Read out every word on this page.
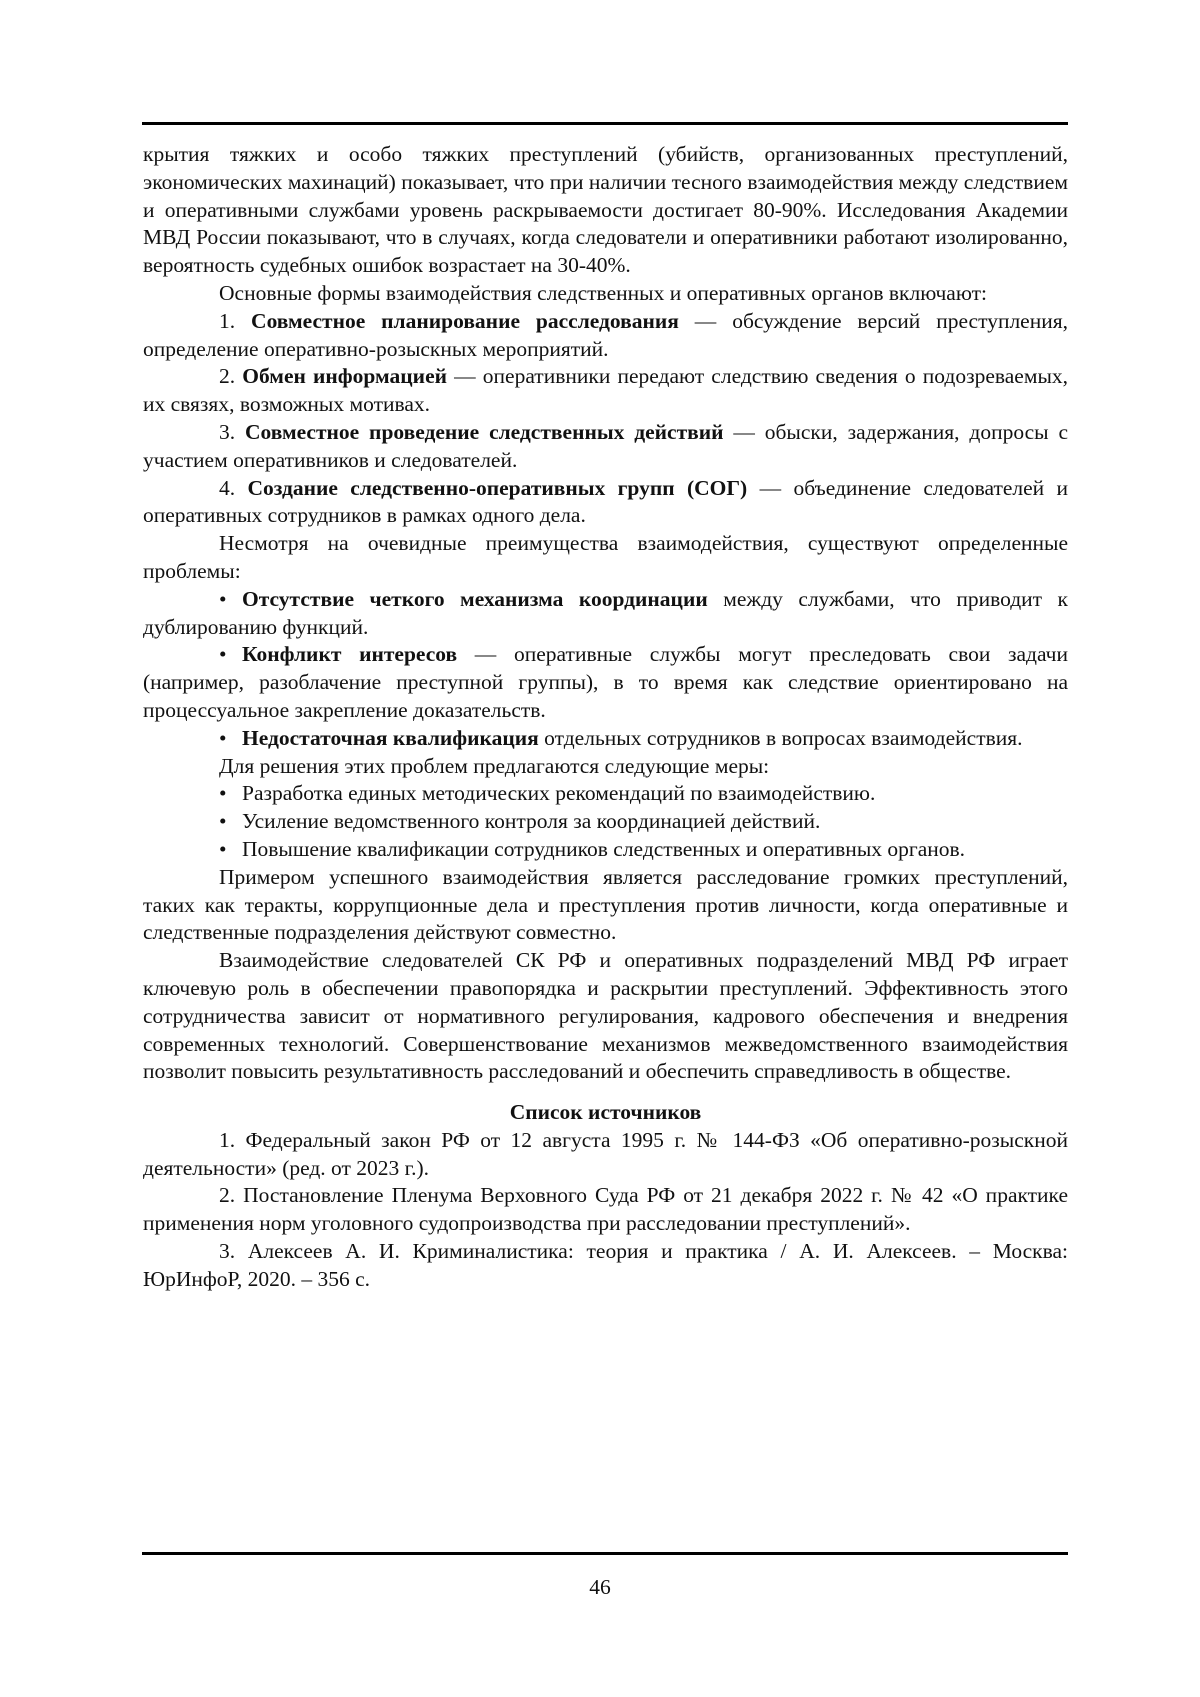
крытия тяжких и особо тяжких преступлений (убийств, организованных преступлений, экономических махинаций) показывает, что при наличии тесного взаимодействия меж­ду следствием и оперативными службами уровень раскрываемости достигает 80-90%. Исследования Академии МВД России показывают, что в случаях, когда следователи и оперативники работают изолированно, вероятность судебных ошибок возрастает на 30-40%.

Основные формы взаимодействия следственных и оперативных органов вклю­чают:

1. Совместное планирование расследования — обсуждение версий преступ­ления, определение оперативно-розыскных мероприятий.

2. Обмен информацией — оперативники передают следствию сведения о по­дозреваемых, их связях, возможных мотивах.

3. Совместное проведение следственных действий — обыски, задержания, допросы с участием оперативников и следователей.

4. Создание следственно-оперативных групп (СОГ) — объединение следова­телей и оперативных сотрудников в рамках одного дела.

Несмотря на очевидные преимущества взаимодействия, существуют определен­ные проблемы:

• Отсутствие четкого механизма координации между службами, что приво­дит к дублированию функций.

• Конфликт интересов — оперативные службы могут преследовать свои зада­чи (например, разоблачение преступной группы), в то время как следствие ориентиро­вано на процессуальное закрепление доказательств.

• Недостаточная квалификация отдельных сотрудников в вопросах взаимо­действия.

Для решения этих проблем предлагаются следующие меры:

• Разработка единых методических рекомендаций по взаимодействию.

• Усиление ведомственного контроля за координацией действий.

• Повышение квалификации сотрудников следственных и оперативных орга­нов.

Примером успешного взаимодействия является расследование громких преступ­лений, таких как теракты, коррупционные дела и преступления против личности, когда оперативные и следственные подразделения действуют совместно.

Взаимодействие следователей СК РФ и оперативных подразделений МВД РФ играет ключевую роль в обеспечении правопорядка и раскрытии преступлений. Эффек­тивность этого сотрудничества зависит от нормативного регулирования, кадрового обеспечения и внедрения современных технологий. Совершенствование механизмов межведомственного взаимодействия позволит повысить результативность расследова­ний и обеспечить справедливость в обществе.

Список источников

1. Федеральный закон РФ от 12 августа 1995 г. № 144-ФЗ «Об оперативно-розыскной деятельности» (ред. от 2023 г.).

2. Постановление Пленума Верховного Суда РФ от 21 декабря 2022 г. № 42 «О практике применения норм уголовного судопроизводства при расследовании преступ­лений».

3. Алексеев А. И. Криминалистика: теория и практика / А. И. Алексеев. – Моск­ва: ЮрИнфоР, 2020. – 356 с.

46
